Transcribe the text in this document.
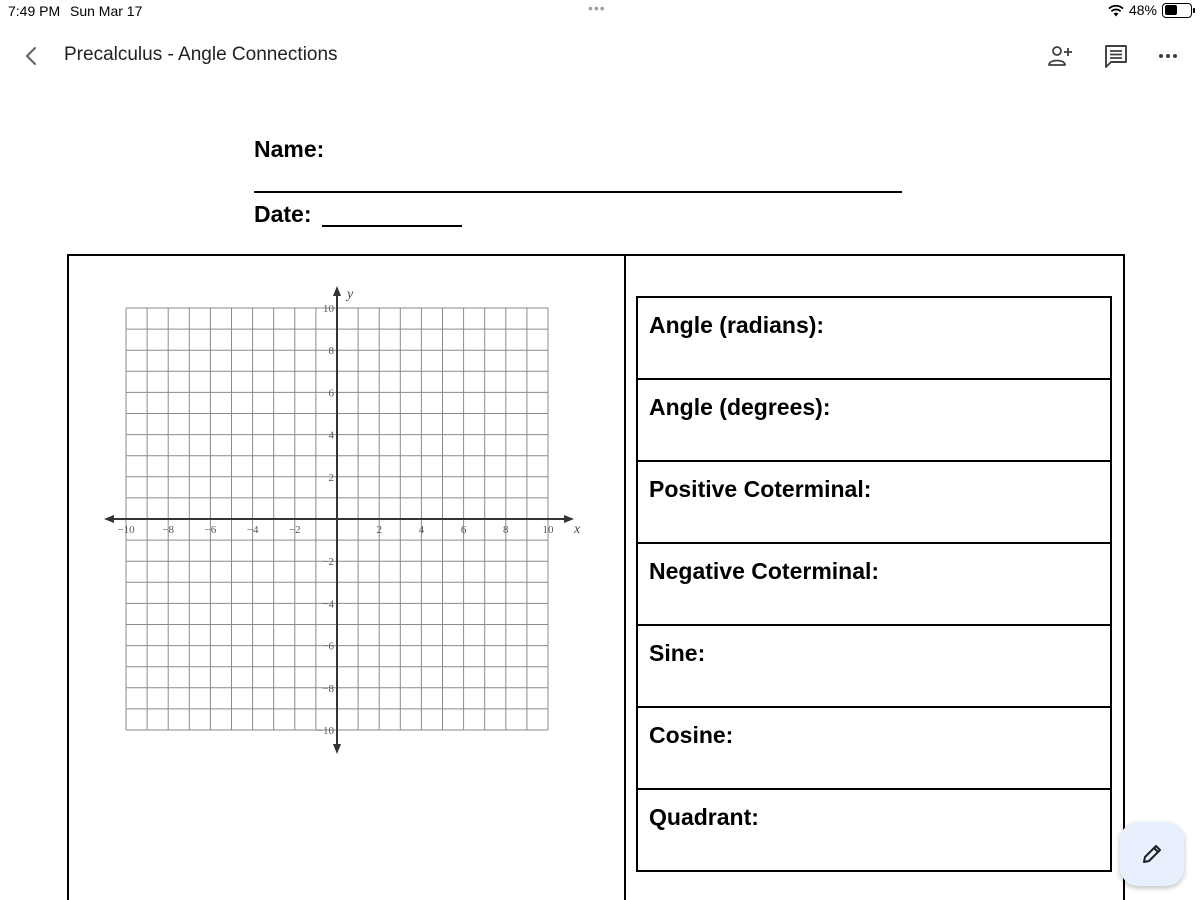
7:49 PM Sun Mar 17	•••	48%
Precalculus - Angle Connections
Name:
Date:
−10	−8	−6	−4	−2	2	4	6	8	10
10
8
6
4
2
−2
−4
−6
−8
−10
x
y
Angle (radians):
Angle (degrees):
Positive Coterminal:
Negative Coterminal:
Sine:
Cosine:
Quadrant:
